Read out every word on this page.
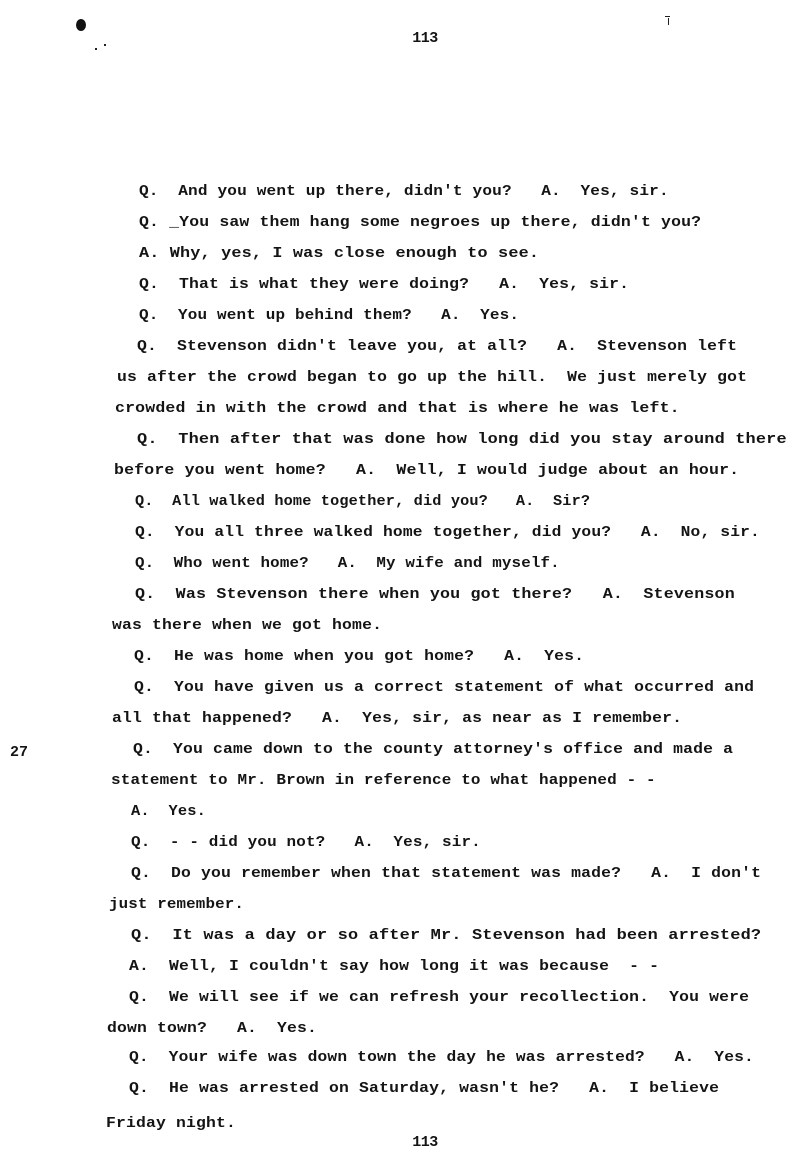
113
27
Q.  And you went up there, didn't you?   A.  Yes, sir.
Q. _You saw them hang some negroes up there, didn't you?
A. Why, yes, I was close enough to see.
Q.  That is what they were doing?   A.  Yes, sir.
Q.  You went up behind them?   A.  Yes.
Q.  Stevenson didn't leave you, at all?   A.  Stevenson left
us after the crowd began to go up the hill.  We just merely got
crowded in with the crowd and that is where he was left.
Q.  Then after that was done how long did you stay around there
before you went home?   A.  Well, I would judge about an hour.
Q.  All walked home together, did you?   A.  Sir?
Q.  You all three walked home together, did you?   A.  No, sir.
Q.  Who went home?   A.  My wife and myself.
Q.  Was Stevenson there when you got there?   A.  Stevenson
was there when we got home.
Q.  He was home when you got home?   A.  Yes.
Q.  You have given us a correct statement of what occurred and
all that happened?   A.  Yes, sir, as near as I remember.
Q.  You came down to the county attorney's office and made a
statement to Mr. Brown in reference to what happened - -
A.  Yes.
Q.  - - did you not?   A.  Yes, sir.
Q.  Do you remember when that statement was made?   A.  I don't
just remember.
Q.  It was a day or so after Mr. Stevenson had been arrested?
A.  Well, I couldn't say how long it was because  - -
Q.  We will see if we can refresh your recollection.  You were
down town?   A.  Yes.
Q.  Your wife was down town the day he was arrested?   A.  Yes.
Q.  He was arrested on Saturday, wasn't he?   A.  I believe
Friday night.
113
